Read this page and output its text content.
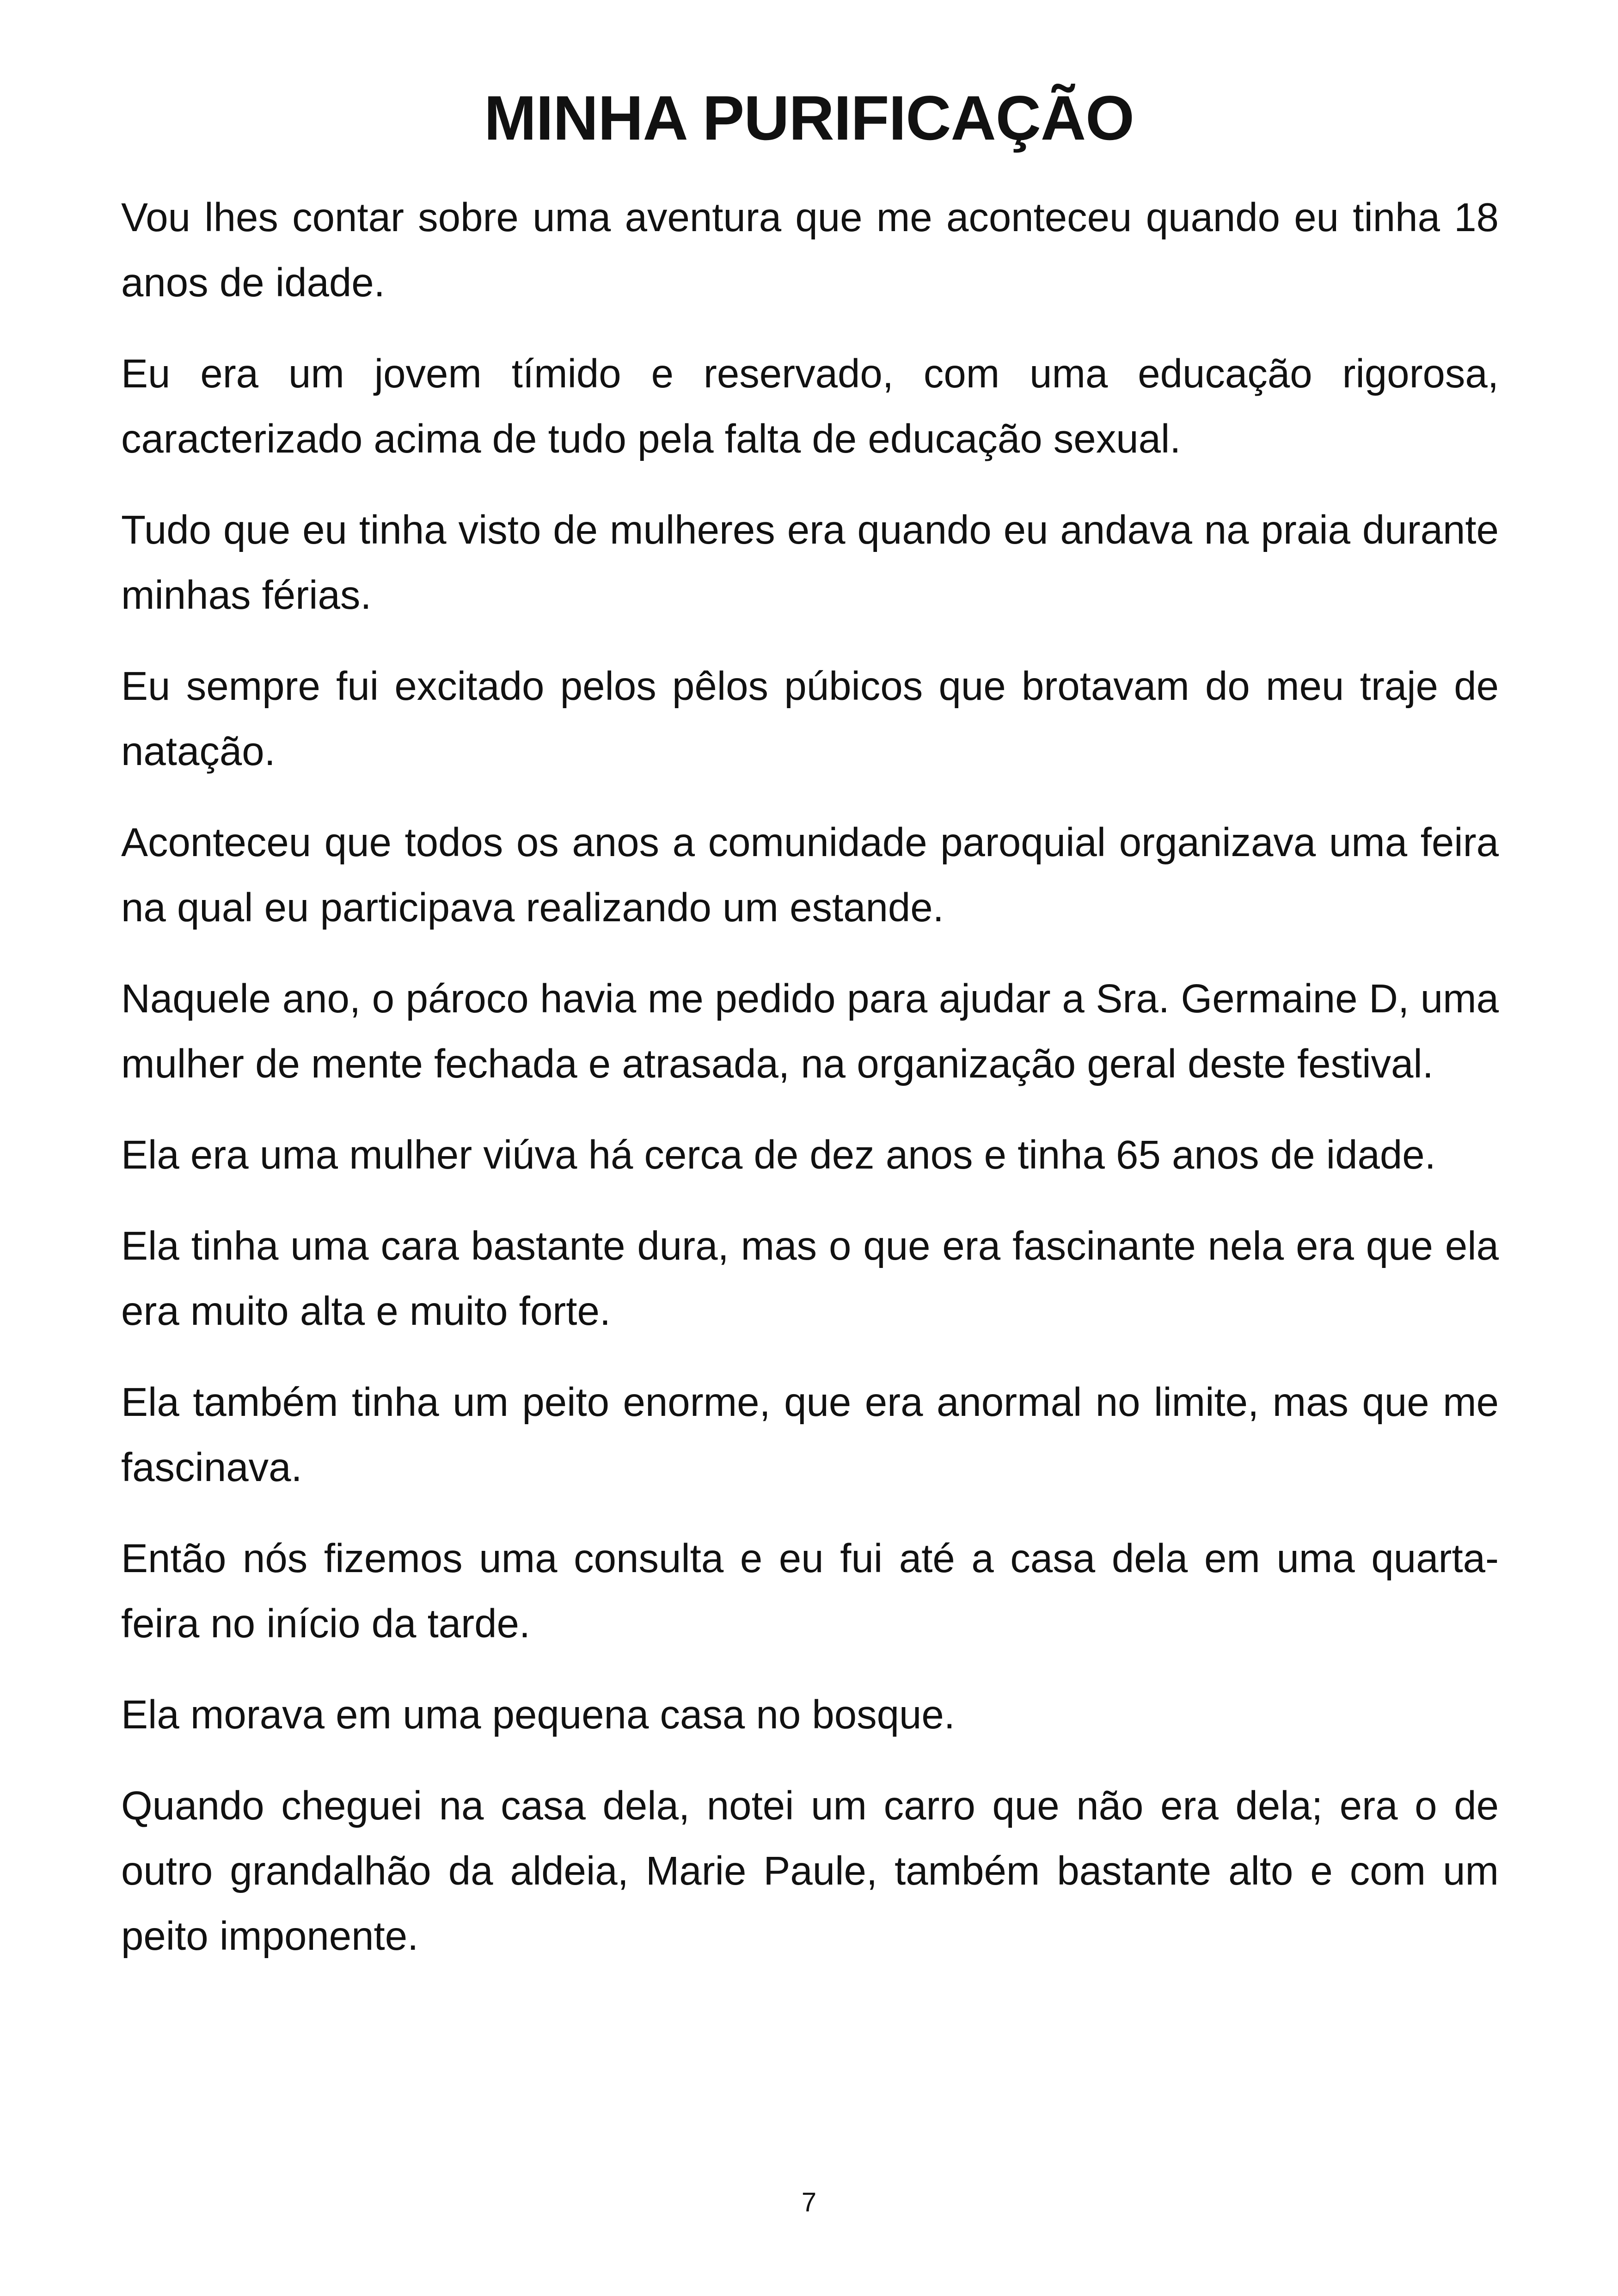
MINHA PURIFICAÇÃO

Vou lhes contar sobre uma aventura que me aconteceu quando eu tinha 18 anos de idade.

Eu era um jovem tímido e reservado, com uma educação rigorosa, caracterizado acima de tudo pela falta de educação sexual.

Tudo que eu tinha visto de mulheres era quando eu andava na praia durante minhas férias.

Eu sempre fui excitado pelos pêlos púbicos que brotavam do meu traje de natação.

Aconteceu que todos os anos a comunidade paroquial organizava uma feira na qual eu participava realizando um estande.

Naquele ano, o pároco havia me pedido para ajudar a Sra. Germaine D, uma mulher de mente fechada e atrasada, na organização geral deste festival.

Ela era uma mulher viúva há cerca de dez anos e tinha 65 anos de idade.

Ela tinha uma cara bastante dura, mas o que era fascinante nela era que ela era muito alta e muito forte.

Ela também tinha um peito enorme, que era anormal no limite, mas que me fascinava.

Então nós fizemos uma consulta e eu fui até a casa dela em uma quarta-feira no início da tarde.

Ela morava em uma pequena casa no bosque.

Quando cheguei na casa dela, notei um carro que não era dela; era o de outro grandalhão da aldeia, Marie Paule, também bastante alto e com um peito imponente.

7
